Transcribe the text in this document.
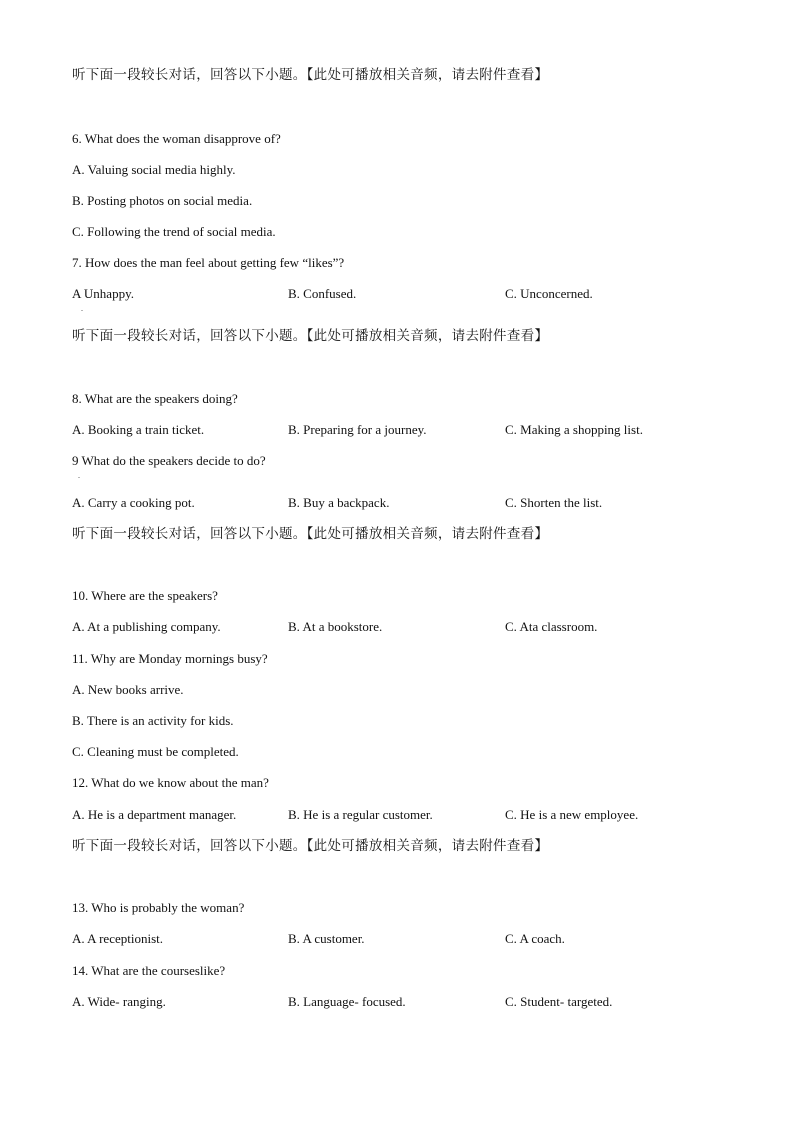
听下面一段较长对话，回答以下小题。【此处可播放相关音频，请去附件查看】
6. What does the woman disapprove of?
A. Valuing social media highly.
B. Posting photos on social media.
C. Following the trend of social media.
7. How does the man feel about getting few “likes”?
A Unhappy.
.
B. Confused.	C. Unconcerned.
听下面一段较长对话，回答以下小题。【此处可播放相关音频，请去附件查看】
8. What are the speakers doing?
A. Booking a train ticket.	B. Preparing for a journey.	C. Making a shopping list.
9 What do the speakers decide to do?
.
A. Carry a cooking pot.	B. Buy a backpack.	C. Shorten the list.
听下面一段较长对话，回答以下小题。【此处可播放相关音频，请去附件查看】
10. Where are the speakers?
A. At a publishing company.	B. At a bookstore.	C. Ata classroom.
11. Why are Monday mornings busy?
A. New books arrive.
B. There is an activity for kids.
C. Cleaning must be completed.
12. What do we know about the man?
A. He is a department manager.	B. He is a regular customer.	C. He is a new employee.
听下面一段较长对话，回答以下小题。【此处可播放相关音频，请去附件查看】
13. Who is probably the woman?
A. A receptionist.	B. A customer.	C. A coach.
14. What are the courseslike?
A. Wide- ranging.	B. Language- focused.	C. Student- targeted.
